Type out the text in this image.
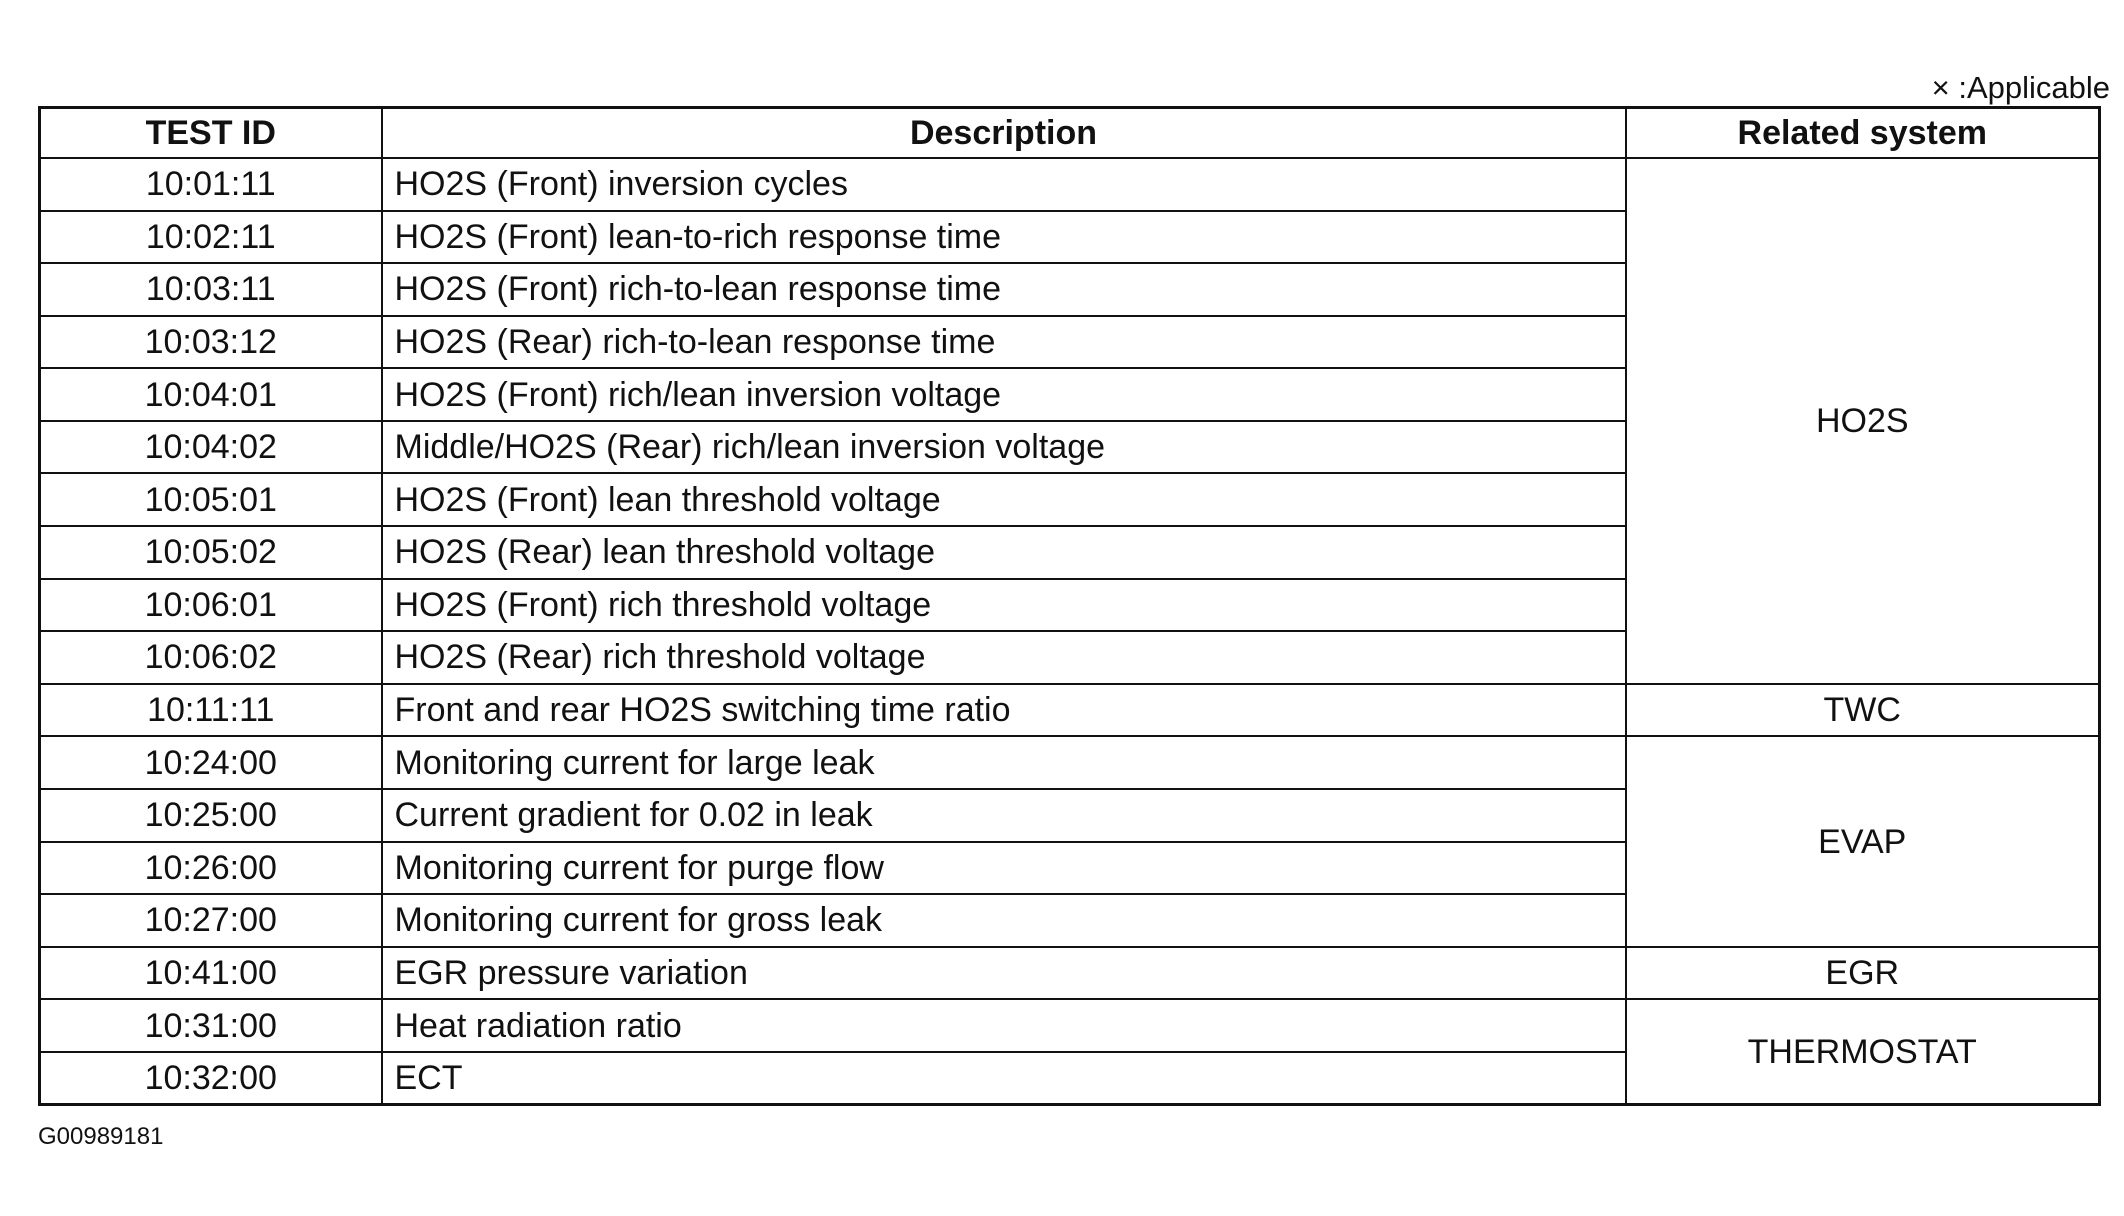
× :Applicable
TEST ID	Description	Related system
10:01:11	HO2S (Front) inversion cycles	HO2S
10:02:11	HO2S (Front) lean-to-rich response time	
10:03:11	HO2S (Front) rich-to-lean response time	
10:03:12	HO2S (Rear) rich-to-lean response time	
10:04:01	HO2S (Front) rich/lean inversion voltage	
10:04:02	Middle/HO2S (Rear) rich/lean inversion voltage	
10:05:01	HO2S (Front) lean threshold voltage	
10:05:02	HO2S (Rear) lean threshold voltage	
10:06:01	HO2S (Front) rich threshold voltage	
10:06:02	HO2S (Rear) rich threshold voltage	
10:11:11	Front and rear HO2S switching time ratio	TWC
10:24:00	Monitoring current for large leak	EVAP
10:25:00	Current gradient for 0.02 in leak	
10:26:00	Monitoring current for purge flow	
10:27:00	Monitoring current for gross leak	
10:41:00	EGR pressure variation	EGR
10:31:00	Heat radiation ratio	THERMOSTAT
10:32:00	ECT	
G00989181
